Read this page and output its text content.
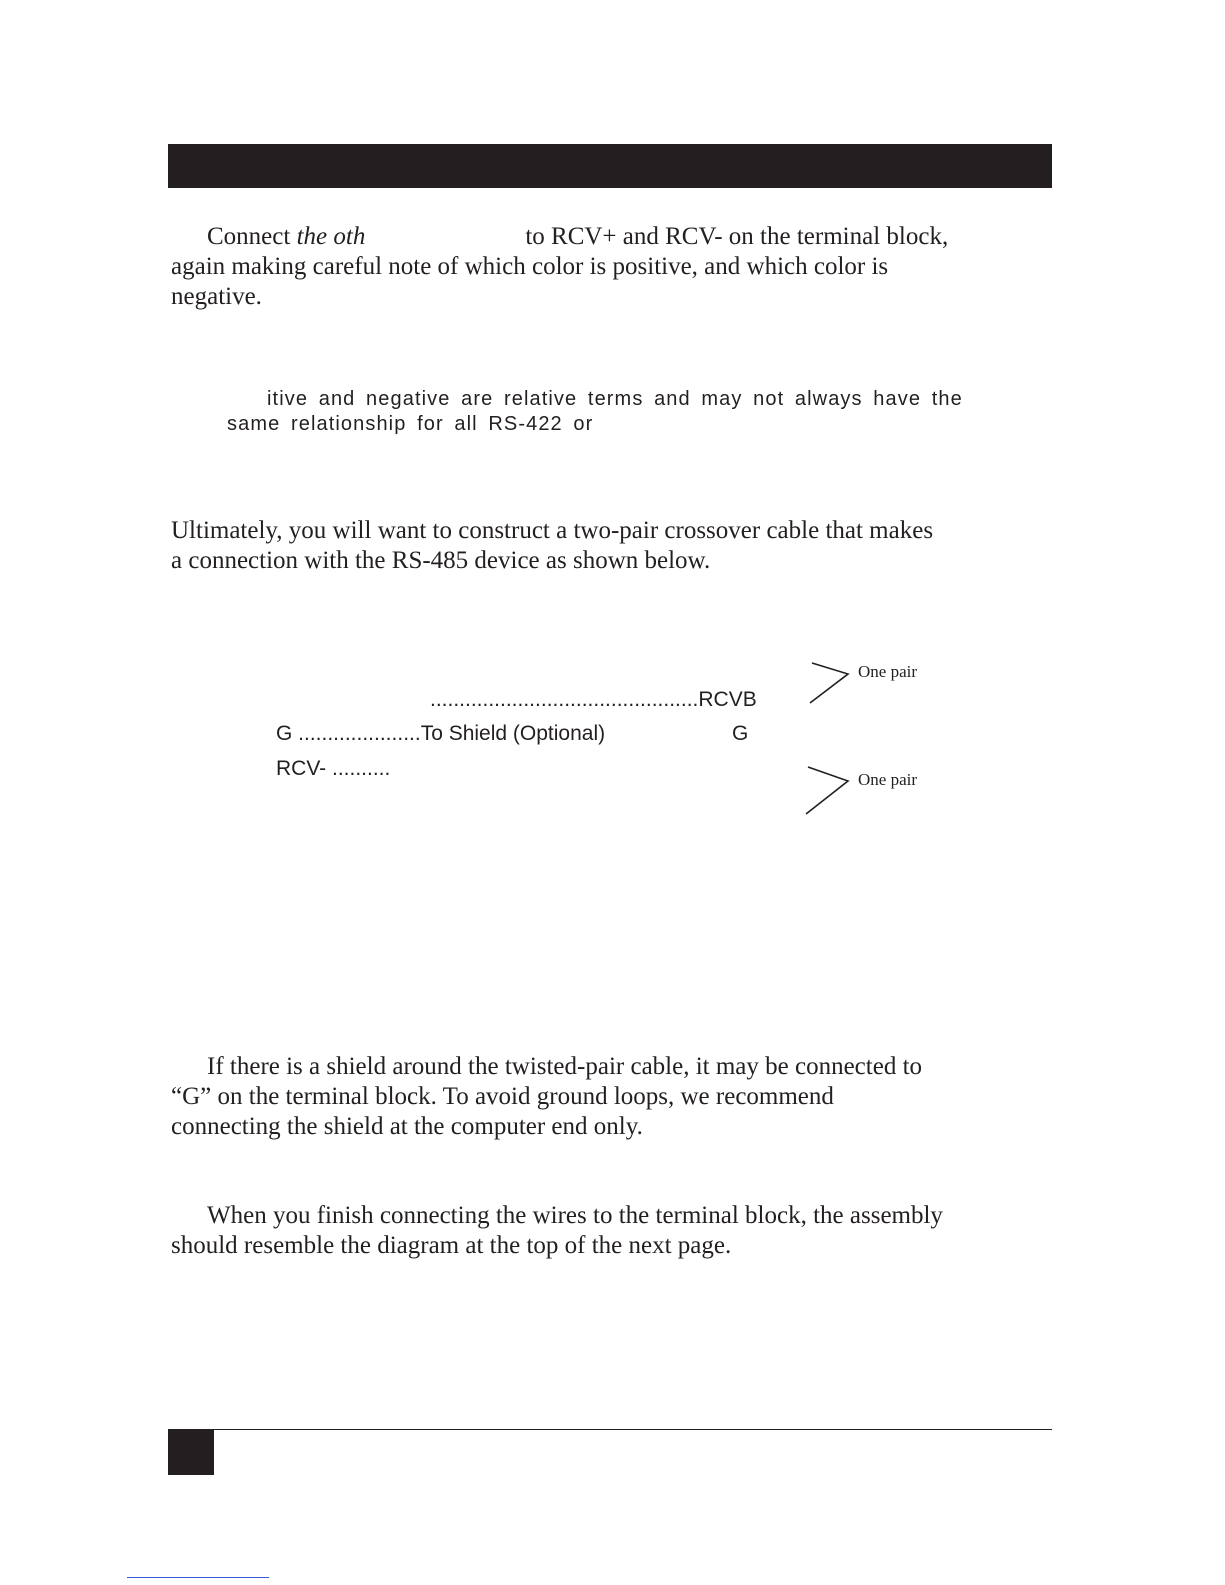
Connect the oth	to RCV+ and RCV- on the terminal block,
again making careful note of which color is positive, and which color is
negative.

itive and negative are relative terms and may not always have the
same relationship for all RS-422 or

Ultimately, you will want to construct a two-pair crossover cable that makes
a connection with the RS-485 device as shown below.

..............................................RCVB
G .....................To Shield (Optional)	G
RCV- ..........
One pair
One pair

If there is a shield around the twisted-pair cable, it may be connected to
“G” on the terminal block. To avoid ground loops, we recommend
connecting the shield at the computer end only.

When you finish connecting the wires to the terminal block, the assembly
should resemble the diagram at the top of the next page.
